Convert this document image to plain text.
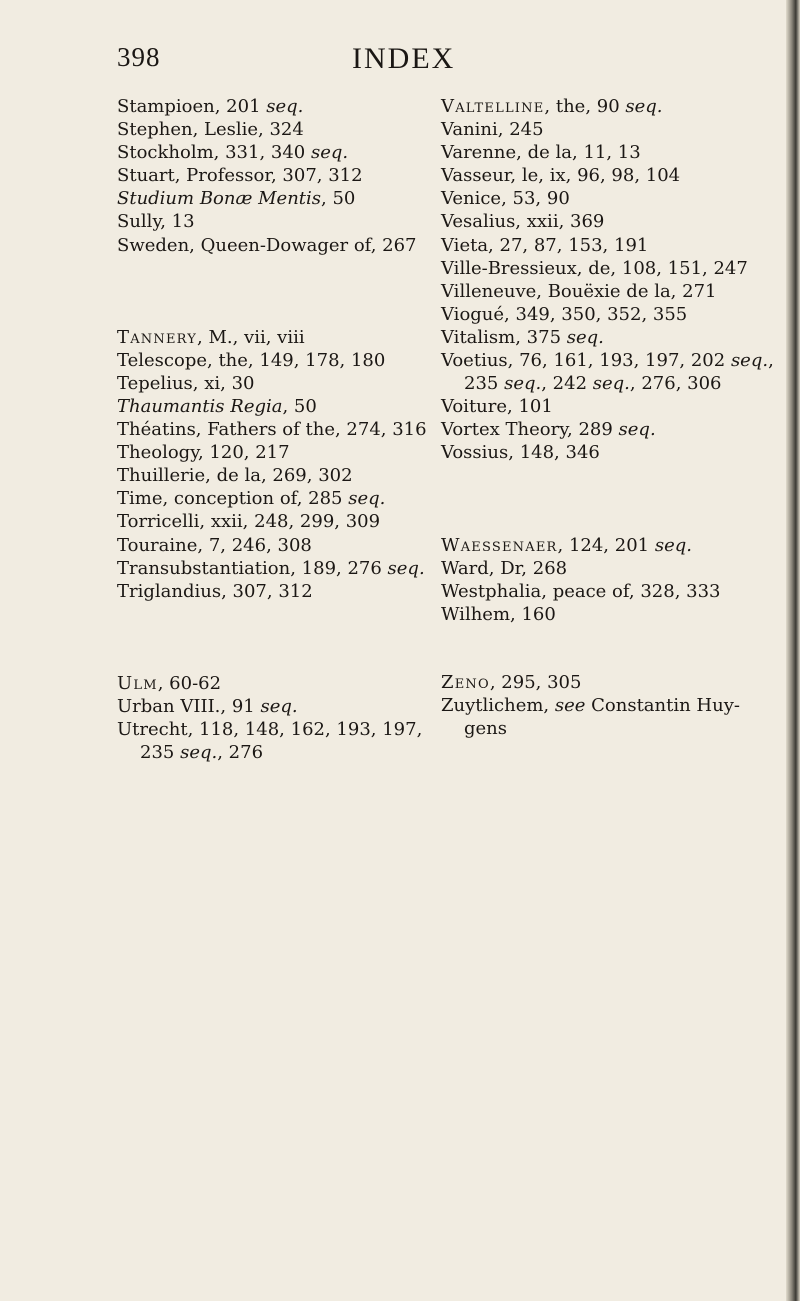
398	INDEX
Stampioen, 201 seq.
Stephen, Leslie, 324
Stockholm, 331, 340 seq.
Stuart, Professor, 307, 312
Studium Bonæ Mentis, 50
Sully, 13
Sweden, Queen-Dowager of, 267
Tannery, M., vii, viii
Telescope, the, 149, 178, 180
Tepelius, xi, 30
Thaumantis Regia, 50
Théatins, Fathers of the, 274, 316
Theology, 120, 217
Thuillerie, de la, 269, 302
Time, conception of, 285 seq.
Torricelli, xxii, 248, 299, 309
Touraine, 7, 246, 308
Transubstantiation, 189, 276 seq.
Triglandius, 307, 312
Ulm, 60-62
Urban VIII., 91 seq.
Utrecht, 118, 148, 162, 193, 197,
235 seq., 276
Valtelline, the, 90 seq.
Vanini, 245
Varenne, de la, 11, 13
Vasseur, le, ix, 96, 98, 104
Venice, 53, 90
Vesalius, xxii, 369
Vieta, 27, 87, 153, 191
Ville-Bressieux, de, 108, 151, 247
Villeneuve, Bouëxie de la, 271
Viogué, 349, 350, 352, 355
Vitalism, 375 seq.
Voetius, 76, 161, 193, 197, 202 seq.,
235 seq., 242 seq., 276, 306
Voiture, 101
Vortex Theory, 289 seq.
Vossius, 148, 346
Waessenaer, 124, 201 seq.
Ward, Dr, 268
Westphalia, peace of, 328, 333
Wilhem, 160
Zeno, 295, 305
Zuytlichem, see Constantin Huy-
gens
